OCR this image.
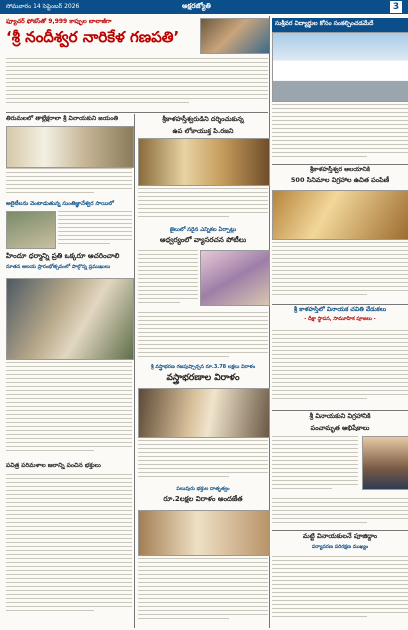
సోమవారం 14 సెప్టెంబర్ 2026	అక్షరజ్యోతి	3
ఫ్యూచర్ ఫోకస్‌తో 9,999 కాప్ఫుల బాలాజీగా
‘శ్రీ నందీశ్వర నారికేళ గణపతి’
సుశ్రీవర విద్యార్థుల కోసం సంకల్పించడమేదే
తిరుమలలో తాల్లేక్షరాలా శ్రీ వినాయకుని జయంతి
అలైటీలను వెంటాడుతున్న సుంతిజ్ఞానేశ్వర సాయిలో
హిందూ ధర్మాన్ని ప్రతి ఒక్కరూ ఆచరించాలి
నూతన ఆలయ ప్రారంభోత్సవంలో పాల్గొన్న ప్రముఖులు
పవిత్ర పరిమళాల జలాన్ని పంచిన భక్తులు
శ్రీకాళహస్తీశ్వరుడిని దర్శించుకున్న
ఉప లోకాయుక్త పి.రజని
జైలులో సరైన ఎన్నికల ఏర్పాట్లు
ఆధ్వర్యంలో వ్యాసరచన పోటీలు
శ్రీ వస్త్రాభరణ గజపుష్పార్చన రూ.3.78 లక్షలు విరాళం
వస్త్రాభరణాల విరాళం
పలువురు భక్తుల దాతృత్వం
రూ.2లక్షల విరాళం అందజేత
శ్రీకాళహస్తీశ్వర ఆలయానికి
500 సినిమాల విగ్రహాల ఉచిత పంపిణీ
శ్రీ కాళహస్తిలో వినాయక చవితి వేడుకలు
- దీక్షా స్థాపన, సామూహిక పూజలు -
శ్రీ వినాయకుని విగ్రహానికి
పంచామృత అభిషేకాలు
మట్టి వినాయకులనే పూజిద్దాం
పర్యావరణ పరిరక్షణ ముఖ్యం
